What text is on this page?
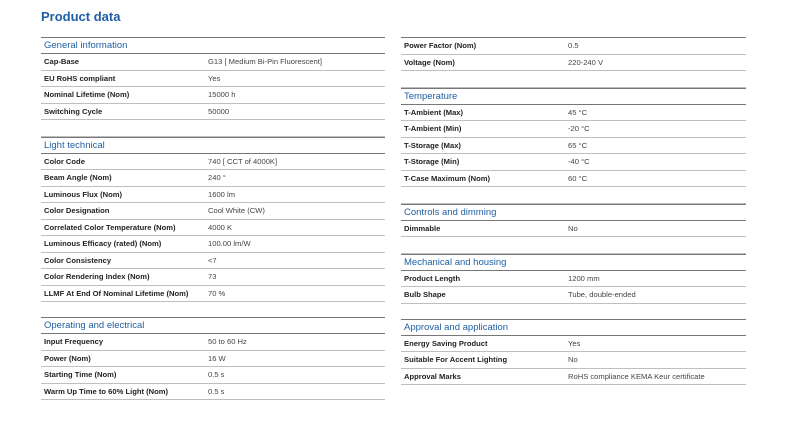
Product data
General information
Cap-Base	G13 [ Medium Bi-Pin Fluorescent]
EU RoHS compliant	Yes
Nominal Lifetime (Nom)	15000 h
Switching Cycle	50000
Light technical
Color Code	740 [ CCT of 4000K]
Beam Angle (Nom)	240 °
Luminous Flux (Nom)	1600 lm
Color Designation	Cool White (CW)
Correlated Color Temperature (Nom)	4000 K
Luminous Efficacy (rated) (Nom)	100.00 lm/W
Color Consistency	<7
Color Rendering Index (Nom)	73
LLMF At End Of Nominal Lifetime (Nom)	70 %
Operating and electrical
Input Frequency	50 to 60 Hz
Power (Nom)	16 W
Starting Time (Nom)	0.5 s
Warm Up Time to 60% Light (Nom)	0.5 s
Power Factor (Nom)	0.5
Voltage (Nom)	220-240 V
Temperature
T-Ambient (Max)	45 °C
T-Ambient (Min)	-20 °C
T-Storage (Max)	65 °C
T-Storage (Min)	-40 °C
T-Case Maximum (Nom)	60 °C
Controls and dimming
Dimmable	No
Mechanical and housing
Product Length	1200 mm
Bulb Shape	Tube, double-ended
Approval and application
Energy Saving Product	Yes
Suitable For Accent Lighting	No
Approval Marks	RoHS compliance KEMA Keur certificate
